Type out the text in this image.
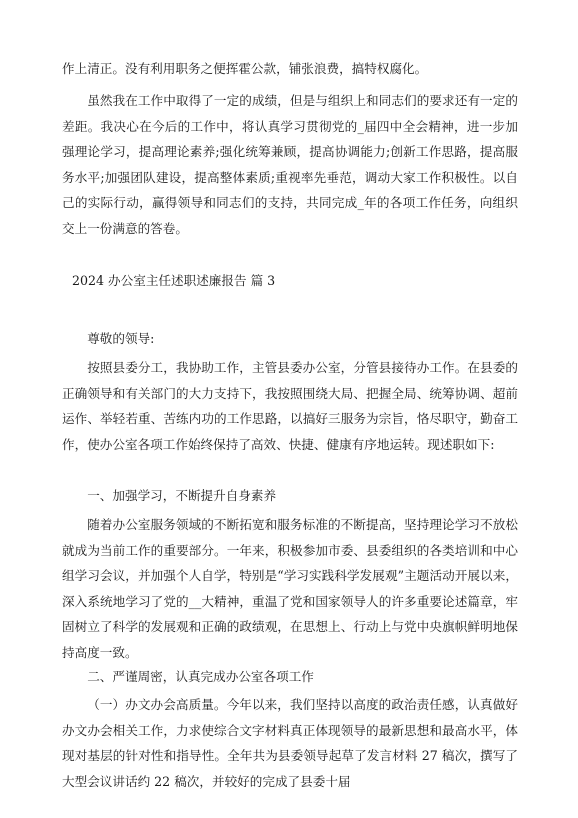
作上清正。没有利用职务之便挥霍公款，铺张浪费，搞特权腐化。

虽然我在工作中取得了一定的成绩，但是与组织上和同志们的要求还有一定的差距。我决心在今后的工作中，将认真学习贯彻党的_届四中全会精神，进一步加强理论学习，提高理论素养;强化统筹兼顾，提高协调能力;创新工作思路，提高服务水平;加强团队建设，提高整体素质;重视率先垂范，调动大家工作积极性。以自己的实际行动，赢得领导和同志们的支持，共同完成_年的各项工作任务，向组织交上一份满意的答卷。

2024 办公室主任述职述廉报告 篇 3

尊敬的领导:

按照县委分工，我协助工作，主管县委办公室，分管县接待办工作。在县委的正确领导和有关部门的大力支持下，我按照围绕大局、把握全局、统筹协调、超前运作、举轻若重、苦练内功的工作思路，以搞好三服务为宗旨，恪尽职守，勤奋工作，使办公室各项工作始终保持了高效、快捷、健康有序地运转。现述职如下:

一、加强学习，不断提升自身素养

随着办公室服务领域的不断拓宽和服务标准的不断提高，坚持理论学习不放松就成为当前工作的重要部分。一年来，积极参加市委、县委组织的各类培训和中心组学习会议，并加强个人自学，特别是“学习实践科学发展观”主题活动开展以来，深入系统地学习了党的__大精神，重温了党和国家领导人的许多重要论述篇章，牢固树立了科学的发展观和正确的政绩观，在思想上、行动上与党中央旗帜鲜明地保持高度一致。

二、严谨周密，认真完成办公室各项工作

（一）办文办会高质量。今年以来，我们坚持以高度的政治责任感，认真做好办文办会相关工作，力求使综合文字材料真正体现领导的最新思想和最高水平，体现对基层的针对性和指导性。全年共为县委领导起草了发言材料 27 稿次，撰写了大型会议讲话约 22 稿次，并较好的完成了县委十届
